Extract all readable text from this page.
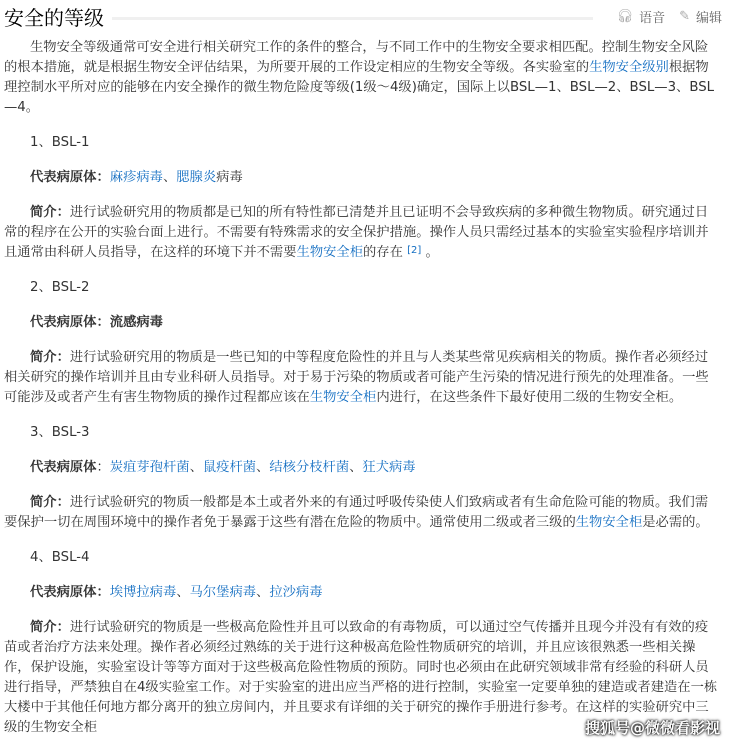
安全的等级	🎧︎ 语音 ✎ 编辑

生物安全等级通常可安全进行相关研究工作的条件的整合，与不同工作中的生物安全要求相匹配。控制生物安全风险的根本措施，就是根据生物安全评估结果，为所要开展的工作设定相应的生物安全等级。各实验室的生物安全级别根据物理控制水平所对应的能够在内安全操作的微生物危险度等级(1级～4级)确定，国际上以BSL—1、BSL—2、BSL—3、BSL—4。

1、BSL-1

代表病原体：麻疹病毒、腮腺炎病毒

简介：进行试验研究用的物质都是已知的所有特性都已清楚并且已证明不会导致疾病的多种微生物物质。研究通过日常的程序在公开的实验台面上进行。不需要有特殊需求的安全保护措施。操作人员只需经过基本的实验室实验程序培训并且通常由科研人员指导，在这样的环境下并不需要生物安全柜的存在 [2] 。

2、BSL-2

代表病原体：流感病毒

简介：进行试验研究用的物质是一些已知的中等程度危险性的并且与人类某些常见疾病相关的物质。操作者必须经过相关研究的操作培训并且由专业科研人员指导。对于易于污染的物质或者可能产生污染的情况进行预先的处理准备。一些可能涉及或者产生有害生物物质的操作过程都应该在生物安全柜内进行，在这些条件下最好使用二级的生物安全柜。

3、BSL-3

代表病原体：炭疽芽孢杆菌、鼠疫杆菌、结核分枝杆菌、狂犬病毒

简介：进行试验研究的物质一般都是本土或者外来的有通过呼吸传染使人们致病或者有生命危险可能的物质。我们需要保护一切在周围环境中的操作者免于暴露于这些有潜在危险的物质中。通常使用二级或者三级的生物安全柜是必需的。

4、BSL-4

代表病原体：埃博拉病毒、马尔堡病毒、拉沙病毒

简介：进行试验研究的物质是一些极高危险性并且可以致命的有毒物质，可以通过空气传播并且现今并没有有效的疫苗或者治疗方法来处理。操作者必须经过熟练的关于进行这种极高危险性物质研究的培训，并且应该很熟悉一些相关操作，保护设施，实验室设计等等方面对于这些极高危险性物质的预防。同时也必须由在此研究领域非常有经验的科研人员进行指导，严禁独自在4级实验室工作。对于实验室的进出应当严格的进行控制，实验室一定要单独的建造或者建造在一栋大楼中于其他任何地方都分离开的独立房间内，并且要求有详细的关于研究的操作手册进行参考。在这样的实验研究中三级的生物安全柜	搜狐号@微微看影视
